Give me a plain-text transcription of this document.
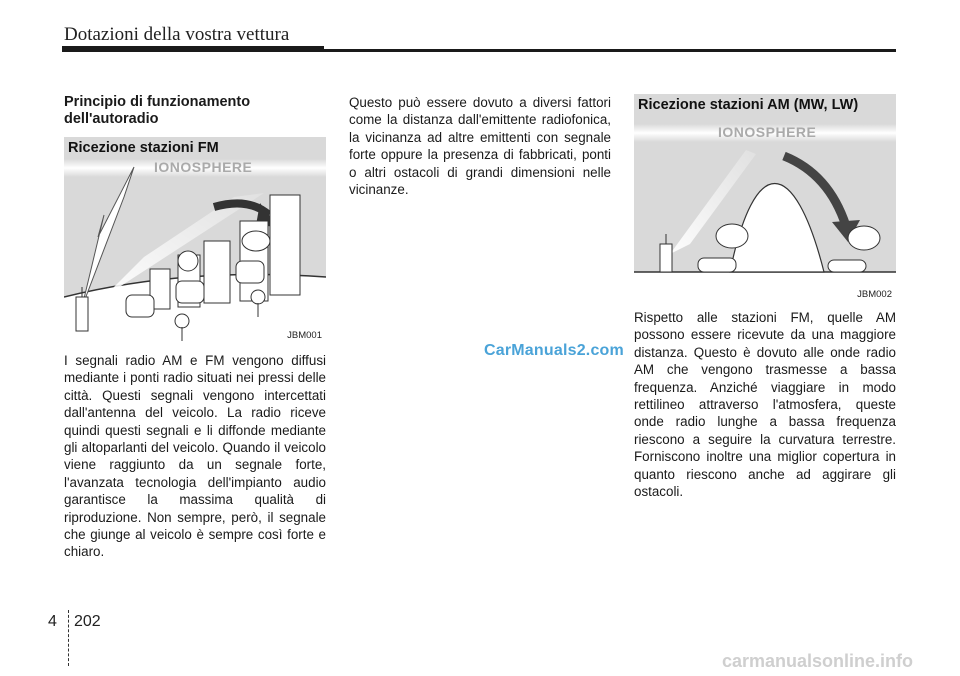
Dotazioni della vostra vettura
Principio di funzionamento dell'autoradio
Ricezione stazioni FM
IONOSPHERE
JBM001
I segnali radio AM e FM vengono diffusi mediante i ponti radio situati nei pressi delle città. Questi segnali vengono intercettati dall'antenna del veicolo. La radio riceve quindi questi segnali e li diffonde mediante gli altoparlanti del veicolo. Quando il veicolo viene raggiunto da un segnale forte, l'avanzata tecnologia dell'impianto audio garantisce la massima qualità di riproduzione. Non sempre, però, il segnale che giunge al veicolo è sempre così forte e chiaro.
Questo può essere dovuto a diversi fattori come la distanza dall'emittente radiofonica, la vicinanza ad altre emittenti con segnale forte oppure la presenza di fabbricati, ponti o altri ostacoli di grandi dimensioni nelle vicinanze.
Ricezione stazioni AM (MW, LW)
IONOSPHERE
JBM002
Rispetto alle stazioni FM, quelle AM possono essere ricevute da una maggiore distanza. Questo è dovuto alle onde radio AM che vengono trasmesse a bassa frequenza. Anziché viaggiare in modo rettilineo attraverso l'atmosfera, queste onde radio lunghe a bassa frequenza riescono a seguire la curvatura terrestre. Forniscono inoltre una miglior copertura in quanto riescono anche ad aggirare gli ostacoli.
CarManuals2.com
4 202
carmanualsonline.info
